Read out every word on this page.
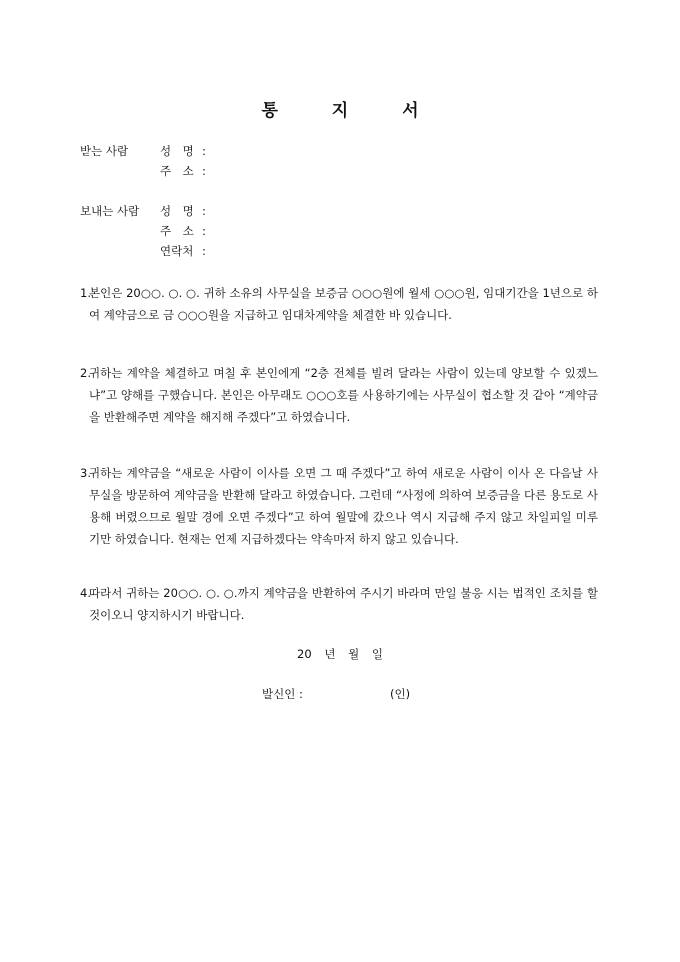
통 지 서
받는 사람	성　명 :
주　소 :
보내는 사람 성　명 :
주　소 :
연락처 :
1.
본인은 20○○. ○. ○. 귀하 소유의 사무실을 보증금 ○○○원에 월세 ○○○원, 임대기간을 1년으로 하여 계약금으로 금 ○○○원을 지급하고 임대차계약을 체결한 바 있습니다.
2.
귀하는 계약을 체결하고 며칠 후 본인에게 “2층 전체를 빌려 달라는 사람이 있는데 양보할 수 있겠느냐”고 양해를 구했습니다. 본인은 아무래도 ○○○호를 사용하기에는 사무실이 협소할 것 같아 “계약금을 반환해주면 계약을 해지해 주겠다”고 하였습니다.
3.
귀하는 계약금을 “새로운 사람이 이사를 오면 그 때 주겠다”고 하여 새로운 사람이 이사 온 다음날 사무실을 방문하여 계약금을 반환해 달라고 하였습니다. 그런데 “사정에 의하여 보증금을 다른 용도로 사용해 버렸으므로 월말 경에 오면 주겠다”고 하여 월말에 갔으나 역시 지급해 주지 않고 차일피일 미루기만 하였습니다. 현재는 언제 지급하겠다는 약속마저 하지 않고 있습니다.
4.
따라서 귀하는 20○○. ○. ○.까지 계약금을 반환하여 주시기 바라며 만일 불응 시는 법적인 조치를 할 것이오니 양지하시기 바랍니다.
20 년 월 일
발신인 :	(인)
